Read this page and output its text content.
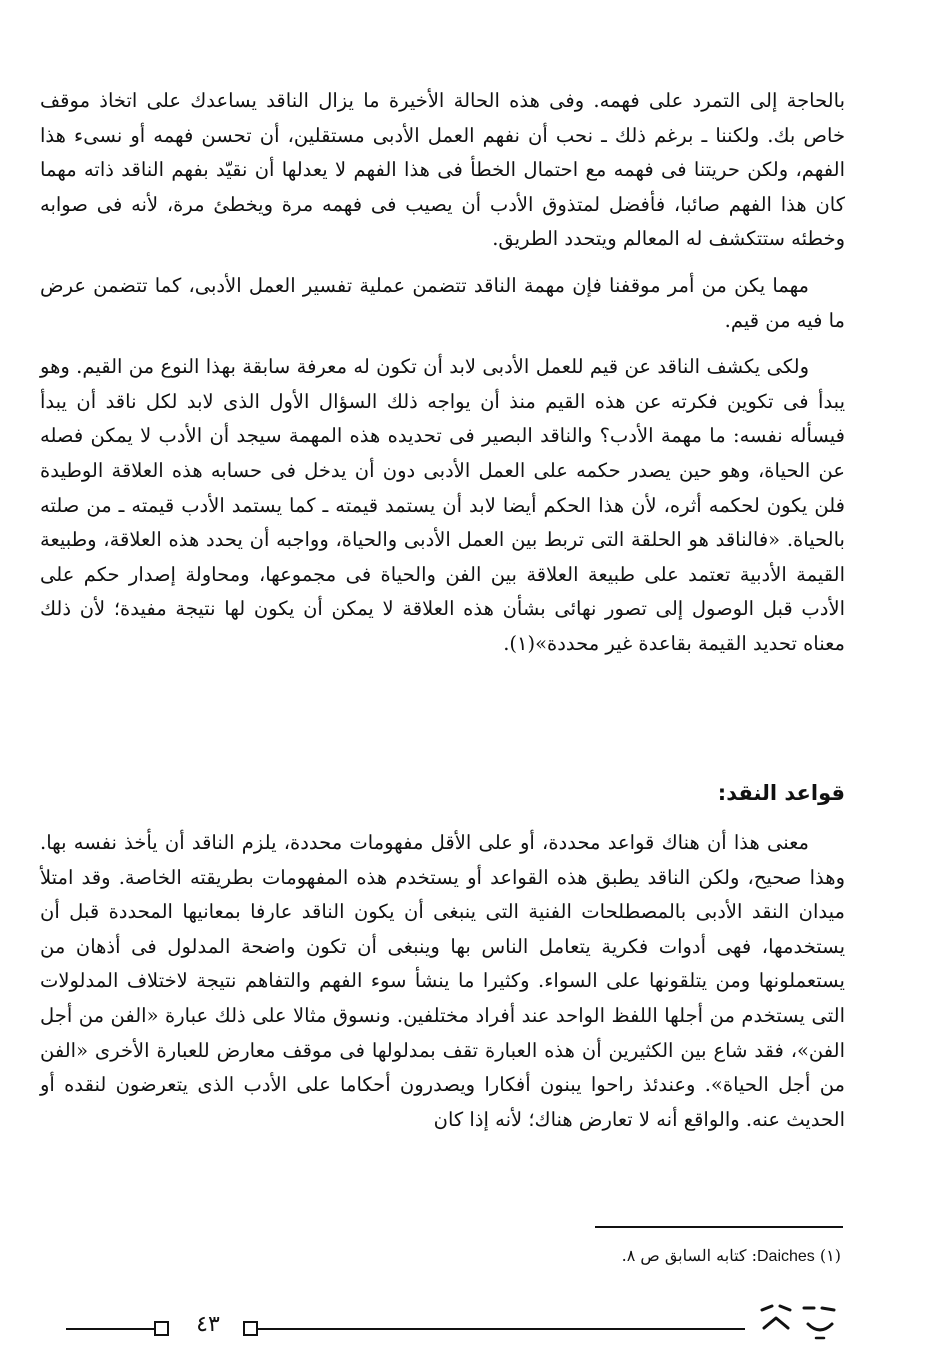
بالحاجة إلى التمرد على فهمه. وفى هذه الحالة الأخيرة ما يزال الناقد يساعدك على اتخاذ موقف خاص بك. ولكننا ـ برغم ذلك ـ نحب أن نفهم العمل الأدبى مستقلين، أن تحسن فهمه أو نسىء هذا الفهم، ولكن حريتنا فى فهمه مع احتمال الخطأ فى هذا الفهم لا يعدلها أن نقيّد بفهم الناقد ذاته مهما كان هذا الفهم صائبا، فأفضل لمتذوق الأدب أن يصيب فى فهمه مرة ويخطئ مرة، لأنه فى صوابه وخطئه ستتكشف له المعالم ويتحدد الطريق.

مهما يكن من أمر موقفنا فإن مهمة الناقد تتضمن عملية تفسير العمل الأدبى، كما تتضمن عرض ما فيه من قيم.

ولكى يكشف الناقد عن قيم للعمل الأدبى لابد أن تكون له معرفة سابقة بهذا النوع من القيم. وهو يبدأ فى تكوين فكرته عن هذه القيم منذ أن يواجه ذلك السؤال الأول الذى لابد لكل ناقد أن يبدأ فيسأله نفسه: ما مهمة الأدب؟ والناقد البصير فى تحديده هذه المهمة سيجد أن الأدب لا يمكن فصله عن الحياة، وهو حين يصدر حكمه على العمل الأدبى دون أن يدخل فى حسابه هذه العلاقة الوطيدة فلن يكون لحكمه أثره، لأن هذا الحكم أيضا لابد أن يستمد قيمته ـ كما يستمد الأدب قيمته ـ من صلته بالحياة. «فالناقد هو الحلقة التى تربط بين العمل الأدبى والحياة، وواجبه أن يحدد هذه العلاقة، وطبيعة القيمة الأدبية تعتمد على طبيعة العلاقة بين الفن والحياة فى مجموعها، ومحاولة إصدار حكم على الأدب قبل الوصول إلى تصور نهائى بشأن هذه العلاقة لا يمكن أن يكون لها نتيجة مفيدة؛ لأن ذلك معناه تحديد القيمة بقاعدة غير محددة»(١).

قواعد النقد:

معنى هذا أن هناك قواعد محددة، أو على الأقل مفهومات محددة، يلزم الناقد أن يأخذ نفسه بها. وهذا صحيح، ولكن الناقد يطبق هذه القواعد أو يستخدم هذه المفهومات بطريقته الخاصة. وقد امتلأ ميدان النقد الأدبى بالمصطلحات الفنية التى ينبغى أن يكون الناقد عارفا بمعانيها المحددة قبل أن يستخدمها، فهى أدوات فكرية يتعامل الناس بها وينبغى أن تكون واضحة المدلول فى أذهان من يستعملونها ومن يتلقونها على السواء. وكثيرا ما ينشأ سوء الفهم والتفاهم نتيجة لاختلاف المدلولات التى يستخدم من أجلها اللفظ الواحد عند أفراد مختلفين. ونسوق مثالا على ذلك عبارة «الفن من أجل الفن»، فقد شاع بين الكثيرين أن هذه العبارة تقف بمدلولها فى موقف معارض للعبارة الأخرى «الفن من أجل الحياة». وعندئذ راحوا يبنون أفكارا ويصدرون أحكاما على الأدب الذى يتعرضون لنقده أو الحديث عنه. والواقع أنه لا تعارض هناك؛ لأنه إذا كان

(١) Daiches: كتابه السابق ص ٨.
٤٣
